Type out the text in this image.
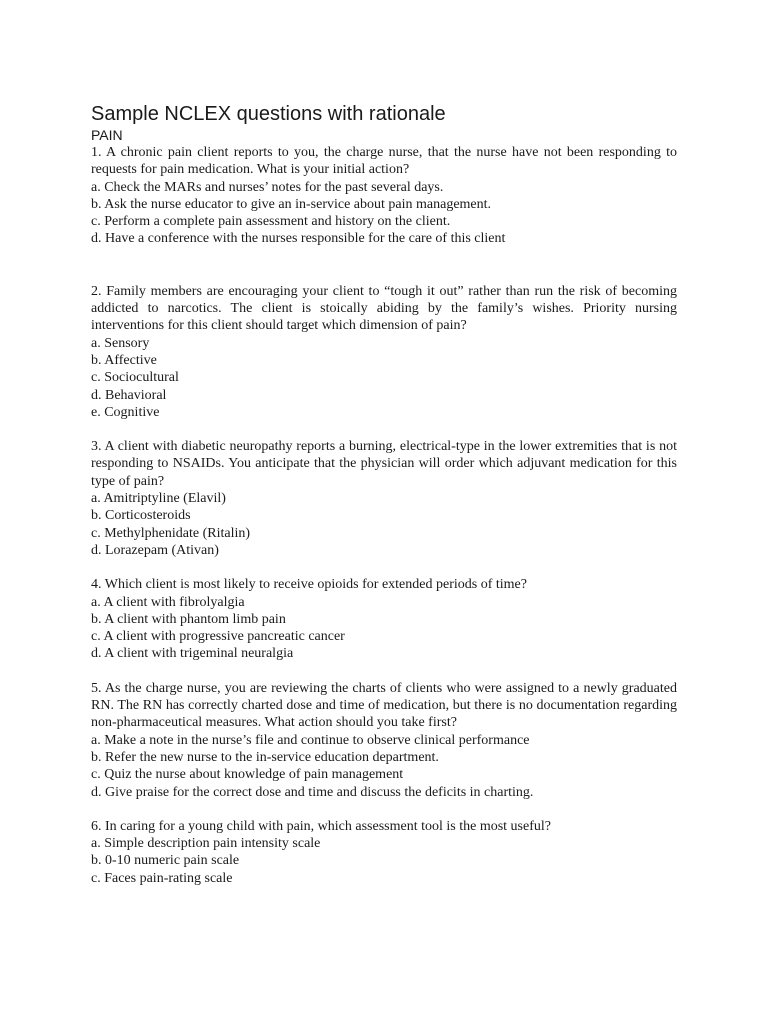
Sample NCLEX questions with rationale

PAIN

1. A chronic pain client reports to you, the charge nurse, that the nurse have not been responding to requests for pain medication. What is your initial action?

a. Check the MARs and nurses’ notes for the past several days.

b. Ask the nurse educator to give an in-service about pain management.

c. Perform a complete pain assessment and history on the client.

d. Have a conference with the nurses responsible for the care of this client

2. Family members are encouraging your client to “tough it out” rather than run the risk of becoming addicted to narcotics. The client is stoically abiding by the family’s wishes. Priority nursing interventions for this client should target which dimension of pain?

a. Sensory

b. Affective

c. Sociocultural

d. Behavioral

e. Cognitive

3. A client with diabetic neuropathy reports a burning, electrical-type in the lower extremities that is not responding to NSAIDs. You anticipate that the physician will order which adjuvant medication for this type of pain?

a. Amitriptyline (Elavil)

b. Corticosteroids

c. Methylphenidate (Ritalin)

d. Lorazepam (Ativan)

4. Which client is most likely to receive opioids for extended periods of time?

a. A client with fibrolyalgia

b. A client with phantom limb pain

c. A client with progressive pancreatic cancer

d. A client with trigeminal neuralgia

5. As the charge nurse, you are reviewing the charts of clients who were assigned to a newly graduated RN. The RN has correctly charted dose and time of medication, but there is no documentation regarding non-pharmaceutical measures. What action should you take first?

a. Make a note in the nurse’s file and continue to observe clinical performance

b. Refer the new nurse to the in-service education department.

c. Quiz the nurse about knowledge of pain management

d. Give praise for the correct dose and time and discuss the deficits in charting.

6. In caring for a young child with pain, which assessment tool is the most useful?

a. Simple description pain intensity scale

b. 0-10 numeric pain scale

c. Faces pain-rating scale
